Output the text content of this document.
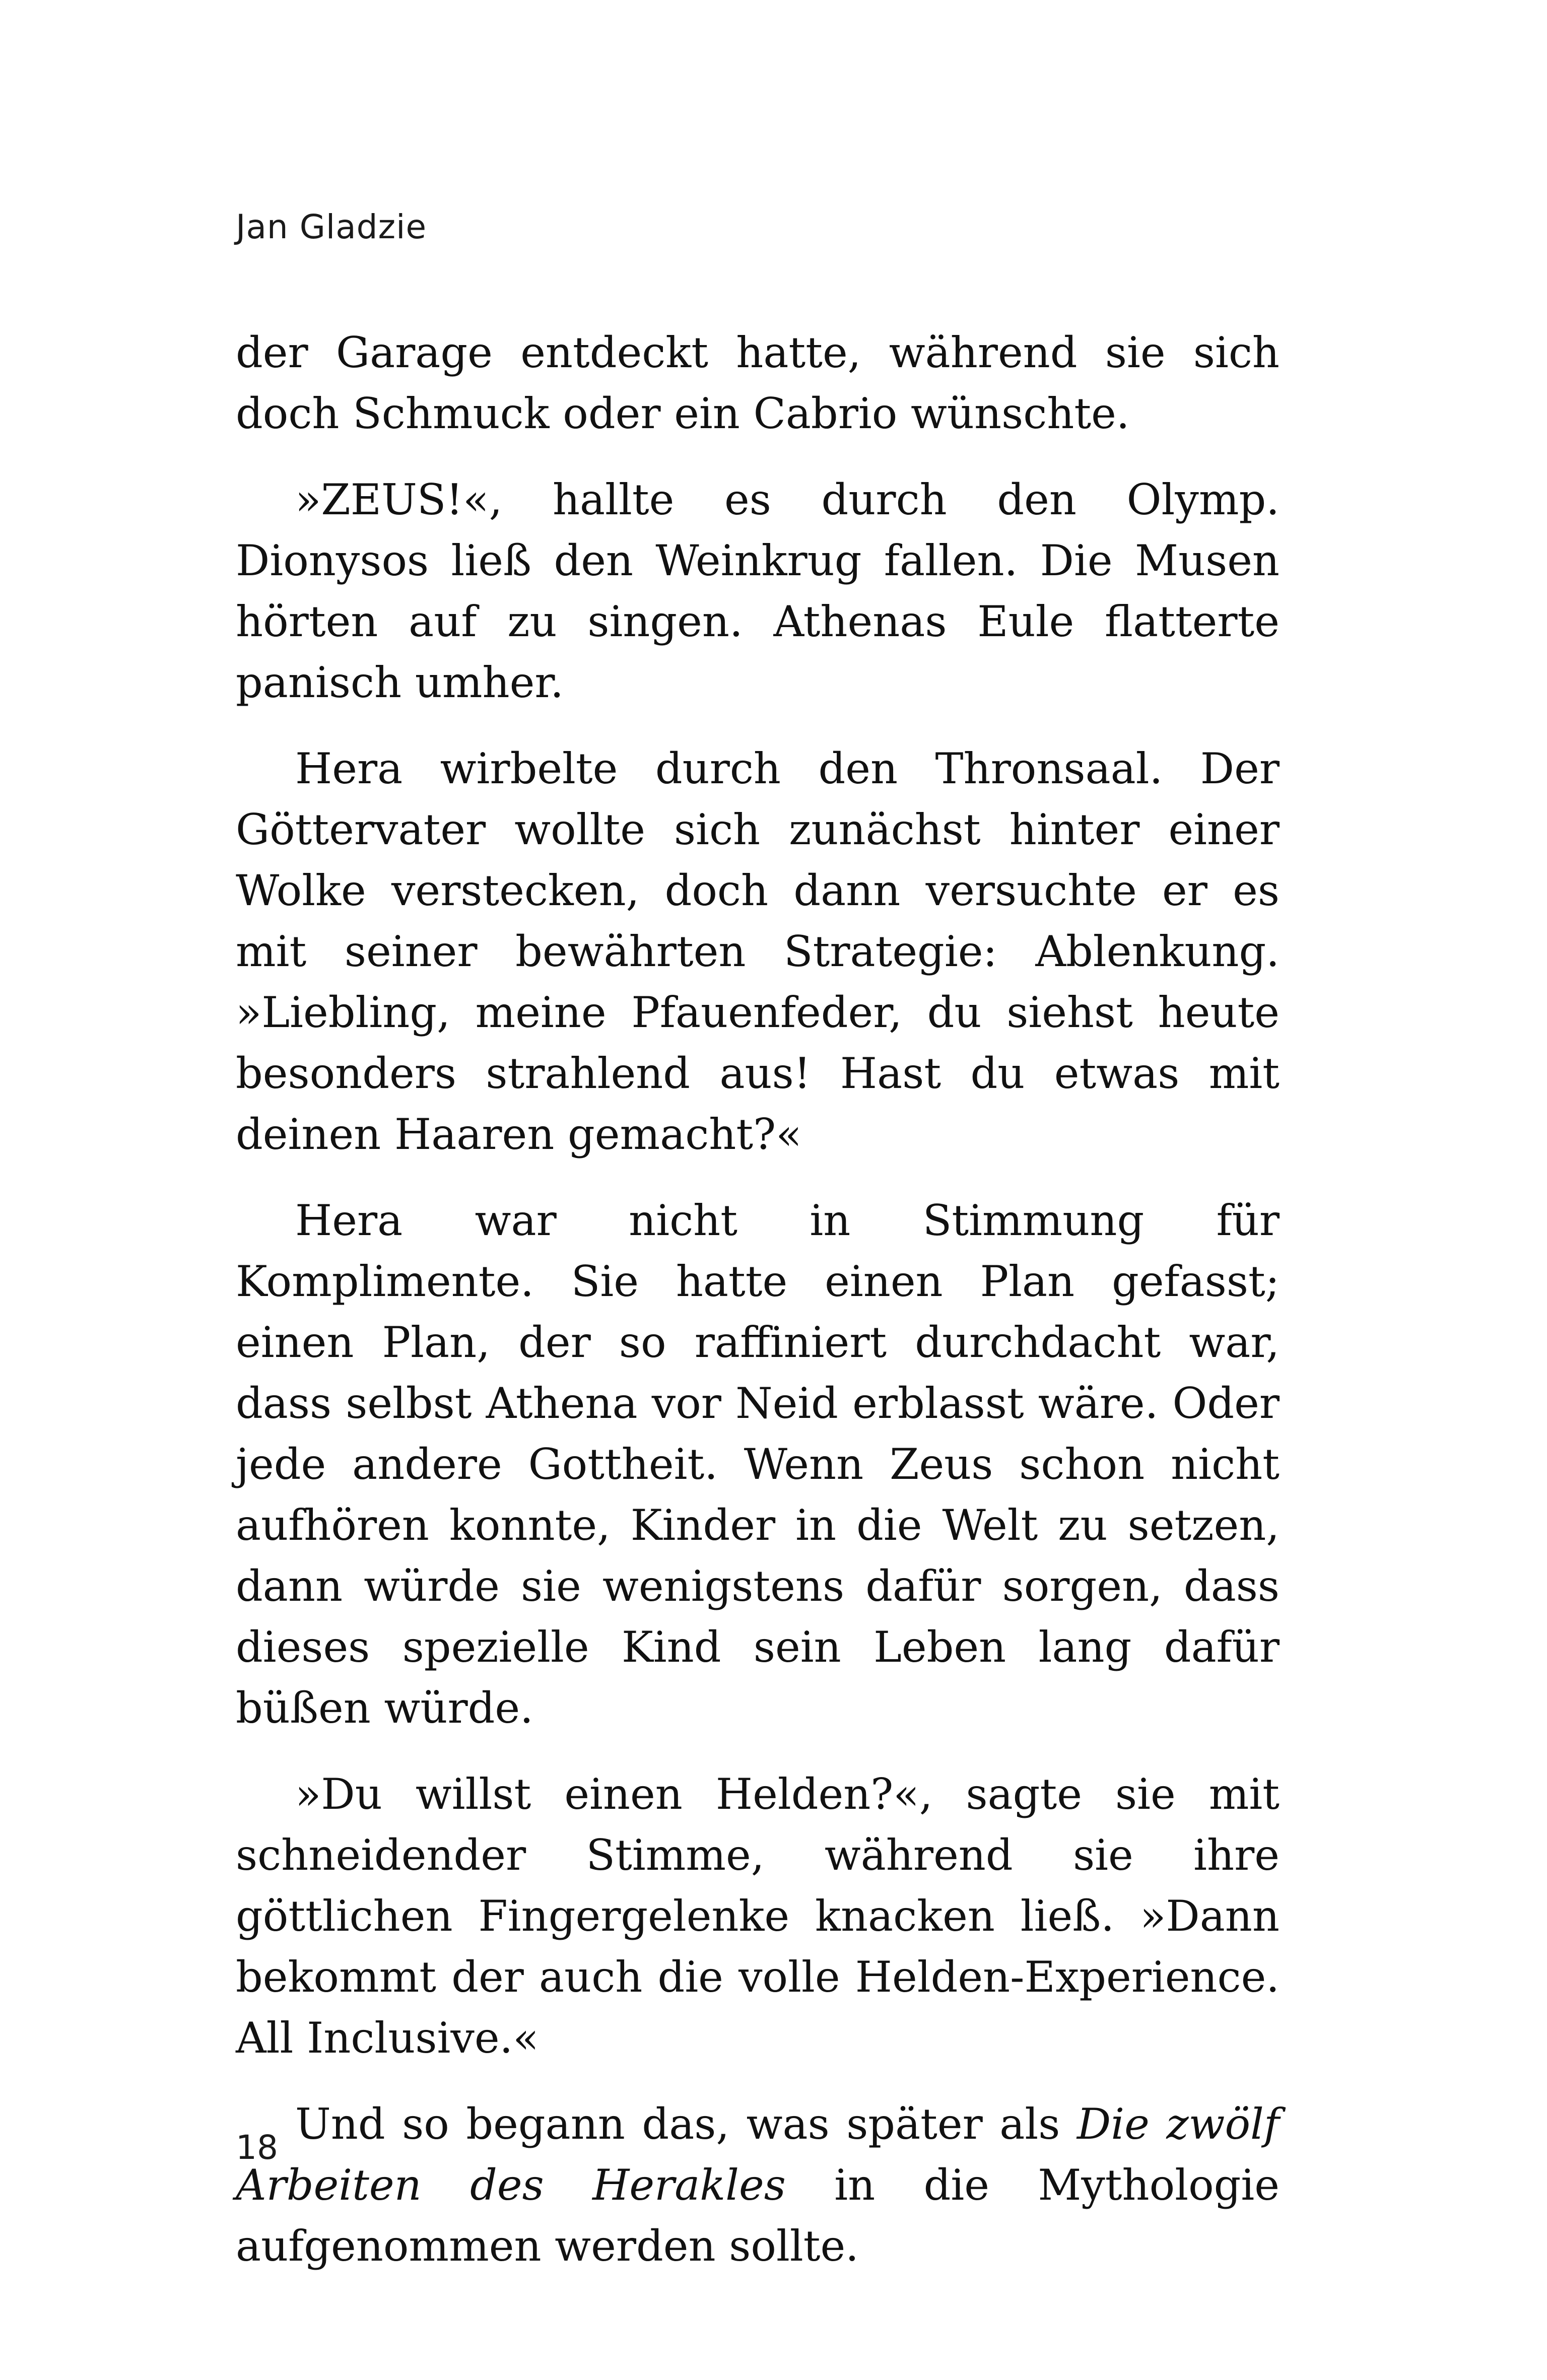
Jan Gladzie

der Garage entdeckt hatte, während sie sich doch Schmuck oder ein Cabrio wünschte.

»ZEUS!«, hallte es durch den Olymp. Dionysos ließ den Weinkrug fallen. Die Musen hörten auf zu singen. Athenas Eule flatterte panisch umher.

Hera wirbelte durch den Thronsaal. Der Göttervater wollte sich zunächst hinter einer Wolke verstecken, doch dann versuchte er es mit seiner bewährten Strategie: Ablenkung. »Liebling, meine Pfauenfeder, du siehst heute besonders strahlend aus! Hast du etwas mit deinen Haaren gemacht?«

Hera war nicht in Stimmung für Komplimente. Sie hatte einen Plan gefasst; einen Plan, der so raffiniert durchdacht war, dass selbst Athena vor Neid erblasst wäre. Oder jede andere Gottheit. Wenn Zeus schon nicht aufhören konnte, Kinder in die Welt zu setzen, dann würde sie wenigstens dafür sorgen, dass dieses spezielle Kind sein Leben lang dafür büßen würde.

»Du willst einen Helden?«, sagte sie mit schneidender Stimme, während sie ihre göttlichen Fingergelenke knacken ließ. »Dann bekommt der auch die volle Helden-Experience. All Inclusive.«

Und so begann das, was später als Die zwölf Arbeiten des Herakles in die Mythologie aufgenommen werden sollte.

18
